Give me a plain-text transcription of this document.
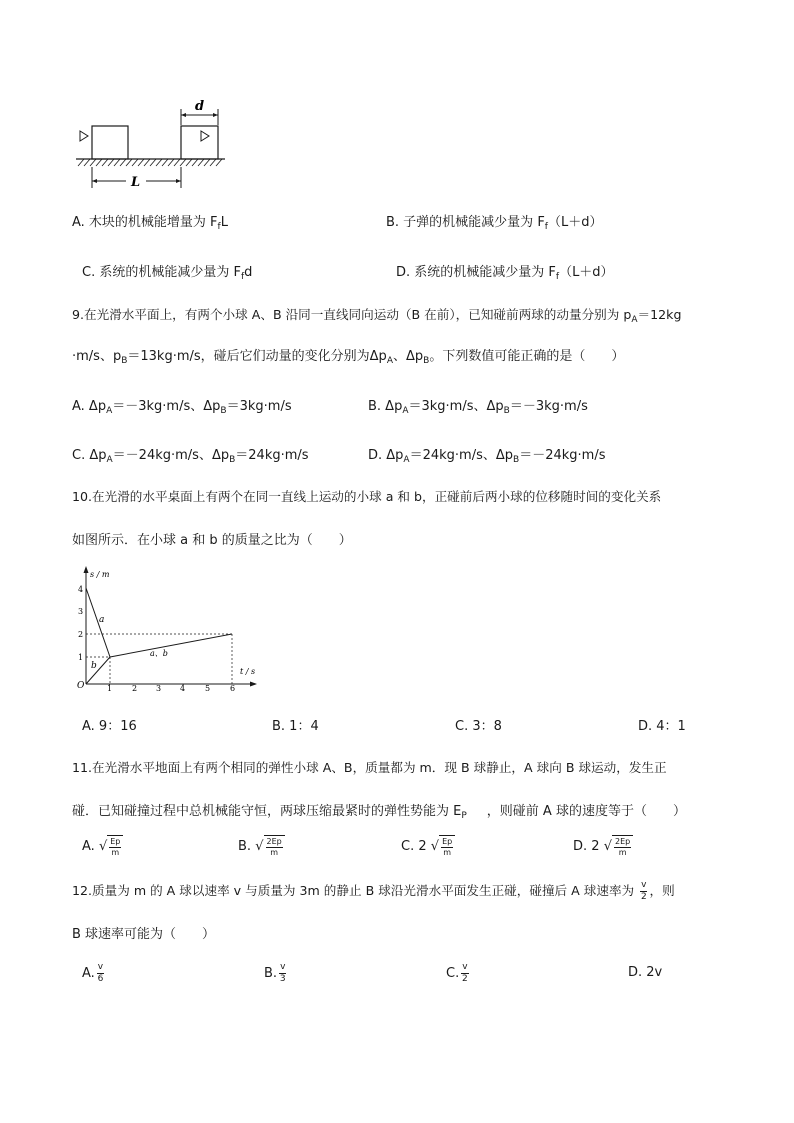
d
L
A. 木块的机械能增量为 $F_fL$	B. 子弹的机械能减少量为 $F_f(L+d)$
C. 系统的机械能减少量为 $F_fd$	D. 系统的机械能减少量为 $F_f(L+d)$
9.在光滑水平面上，有两个小球 A、B 沿同一直线同向运动（B 在前），已知碰前两球的动量分别为 $p_A=12kg$
·m/s、$p_B=13kg\cdot m/s$，碰后它们动量的变化分别为$\Delta p_A$、$\Delta p_B$。下列数值可能正确的是（　　）
A. $\Delta p_A=-3kg\cdot m/s$、$\Delta p_B=3kg\cdot m/s$	B. $\Delta p_A=3kg\cdot m/s$、$\Delta p_B=-3kg\cdot m/s$
C. $\Delta p_A=-24kg\cdot m/s$、$\Delta p_B=24kg\cdot m/s$	D. $\Delta p_A=24kg\cdot m/s$、$\Delta p_B=-24kg\cdot m/s$
10.在光滑的水平桌面上有两个在同一直线上运动的小球 a 和 b，正碰前后两小球的位移随时间的变化关系
如图所示．在小球 a 和 b 的质量之比为（　　）
s / m
t / s
O
1
2
3
4
1 2 3 4 5 6
a
b
a、b
A. 9：16	B. 1：4	C. 3：8	D. 4：1
11.在光滑水平地面上有两个相同的弹性小球 A、B，质量都为 m．现 B 球静止，A 球向 B 球运动，发生正
碰．已知碰撞过程中总机械能守恒，两球压缩最紧时的弹性势能为 $E_P$ ，则碰前 A 球的速度等于（　　）
A. √ Ep
m	B. √ 2Ep
m	C. 2 √ Ep
m	D. 2 √ 2Ep
m
12.质量为 m 的 A 球以速率 v 与质量为 3m 的静止 B 球沿光滑水平面发生正碰，碰撞后 A 球速率为 $\frac{v}{2}$ ，则
B 球速率可能为（　　）
A. $\frac{v}{6}$	B. $\frac{v}{3}$	C. $\frac{v}{2}$	D. 2v
